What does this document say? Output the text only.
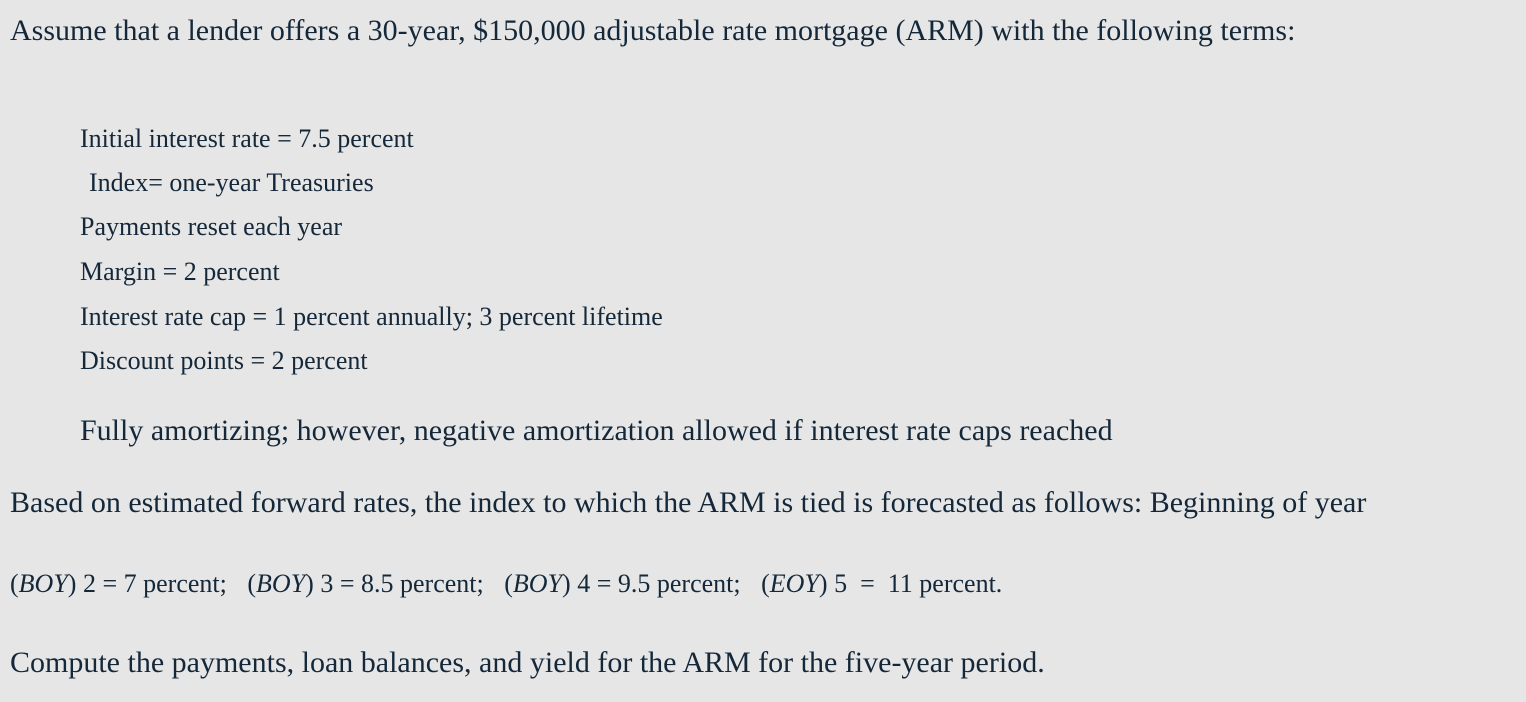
Assume that a lender offers a 30-year, $150,000 adjustable rate mortgage (ARM) with the following terms:
Initial interest rate = 7.5 percent
Index= one-year Treasuries
Payments reset each year
Margin = 2 percent
Interest rate cap = 1 percent annually; 3 percent lifetime
Discount points = 2 percent
Fully amortizing; however, negative amortization allowed if interest rate caps reached
Based on estimated forward rates, the index to which the ARM is tied is forecasted as follows: Beginning of year
(BOY) 2 = 7 percent; (BOY) 3 = 8.5 percent; (BOY) 4 = 9.5 percent; (EOY) 5  =  11 percent.
Compute the payments, loan balances, and yield for the ARM for the five-year period.
